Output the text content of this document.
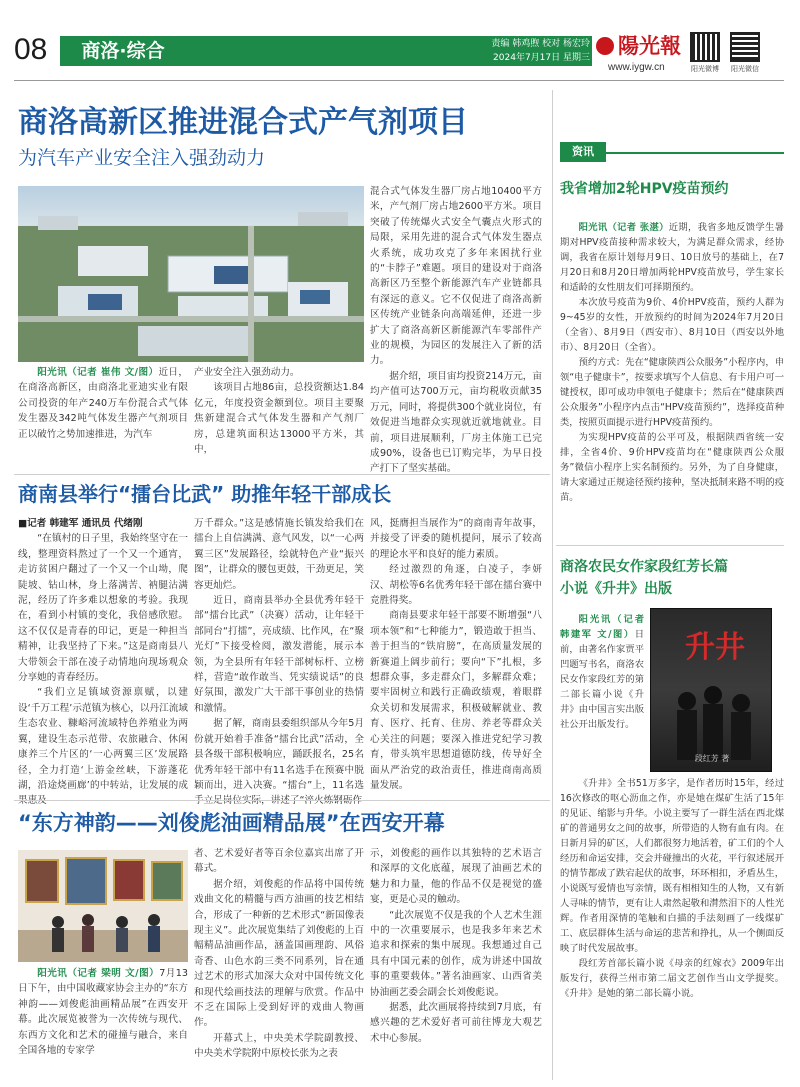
08	商洛·综合	责编 韩鸡煦 校对 杨宏玲
2024年7月17日 星期三 陽光報
www.iygw.cn	阳光微博	阳光微信
商洛高新区推进混合式产气剂项目
为汽车产业安全注入强劲动力

阳光讯（记者 崔伟 文/图）近日，在商洛高新区，由商洛北亚迪实业有限公司投资的年产240万车份混合式气体发生器及342吨气体发生器产气剂项目正以破竹之势加速推进，为汽车

产业安全注入强劲动力。

该项目占地86亩，总投资额达1.84亿元，年度投资金额到位。项目主要聚焦新建混合式气体发生器和产气剂厂房，总建筑面积达13000平方米，其中，

混合式气体发生器厂房占地10400平方米，产气剂厂房占地2600平方米。项目突破了传统爆火式安全气囊点火形式的局限，采用先进的混合式气体发生器点火系统，成功攻克了多年来困扰行业的“卡脖子”难题。项目的建设对于商洛高新区乃至整个新能源汽车产业链都具有深远的意义。它不仅促进了商洛高新区传统产业链条向高端延伸，还进一步扩大了商洛高新区新能源汽车零部件产业的规模，为园区的发展注入了新的活力。

据介绍，项目宙均投资214万元，亩均产值可达700万元，亩均税收贡献35万元，同时，将提供300个就业岗位，有效促进当地群众实现就近就地就业。目前，项目进展顺利，厂房主体施工已完成90%，设备也已订购完毕，为早日投产打下了坚实基础。

商南县举行“擂台比武” 助推年轻干部成长

■记者 韩建军 通讯员 代绪刚

“在镇村的日子里，我始终坚守在一线，整理资料熬过了一个又一个通宵，走访贫困户翻过了一个又一个山坳，爬陡坡、钻山林，身上落满苦、衲腿沾满泥，经历了许多难以想象的考验。我现在，看到小村镇的变化，我倍感欣慰。这不仅仅是青春的印记，更是一种担当精神，让我坚持了下来。”这是商南县八大带领会干部在凌子动情地向现场观众分享她的青春经历。

“我们立足镇域资源禀赋，以建设‘千万工程’示范镇为核心，以丹江流域生态农业、糠峪河流域特色养殖业为两翼，建设生态示范带、农旅融合、休闲康养三个片区的‘一心两翼三区’发展路径，全力打造‘上游金丝峡，下游蓬花湖，沿途烧画廊’的中转站，让发展的成

万千群众。”这是感情施长镇发给我们在擂台上自信满满、意气风发，以“一心两翼三区”发展路径，绘就特色产业“振兴图”，让群众的腰包更鼓，干劲更足，笑容更灿烂。

近日，商南县举办全县优秀年轻干部“擂台比武”（决赛）活动，让年轻干部同台“打擂”，亮成绩、比作风，在“聚光灯”下接受检阅，激发潜能，展示本领，为全县所有年轻干部树标杆、立榜样，营造“敢作敢当、凭实绩说话”的良好氛围，激发广大干部干事创业的热情和激情。

据了解，商南县委组织部从今年5月份就开始着手准备“擂台比武”活动，全县各级干部积极响应，踊跃报名，25名优秀年轻干部中有11名选手在预赛中脱颖而出，进入决赛。“擂台”上，11名选

风，挺膺担当展作为”的商南青年故事，并接受了评委的随机提问，展示了较高的理论水平和良好的能力素质。

经过激烈的角逐，白凌子，李妍汉、胡松等6名优秀年轻干部在擂台赛中竞胜得奖。

商南县要求年轻干部要不断增强“八项本领”和“七种能力”，锻造敢于担当、善于担当的“铁肩膀”，在高质量发展的新赛道上阔步前行；要向“下”扎根，多想群众事，多走群众门，多解群众难；要牢固树立和践行正确政绩观，着眼群众关切和发展需求，积极破解就业、教育、医疗、托育、住房、养老等群众关心关注的问题；要深入推进党纪学习教育，带头筑牢思想道德防线，传导好全面从严治党的政治责任，推进商南高质量发展。

“东方神韵——刘俊彪油画精品展”在西安开幕

阳光讯（记者 梁明 文/图）7月13日下午，由中国收藏家协会主办的“东方神韵——刘俊彪油画精品展”在西安开幕。此次展览被誉为一次传统与现代、东西方文化和艺术的碰撞与融合，来自全国各地的专家学

者、艺术爱好者等百余位嘉宾出席了开幕式。

据介绍，刘俊彪的作品将中国传统戏曲文化的精髓与西方油画的技艺相结合，形成了一种新的艺术形式“新国像表现主义”。此次展览集结了刘俊彪的上百幅精品油画作品，涵盖国画理韵、风俗奇香、山色水韵三类不同系列，旨在通过艺术的形式加深大众对中国传统文化和现代绘画技法的理解与欣赏。作品中不乏在国际上受到好评的戏曲人物画作。

开幕式上，中央美术学院副教授、中央美术学院附中原校长张为之表

示，刘俊彪的画作以其独特的艺术语言和深厚的文化底蕴，展现了油画艺术的魅力和力量，他的作品不仅是视觉的盛宴，更是心灵的触动。

“此次展览不仅是我的个人艺术生涯中的一次重要展示，也是我多年来艺术追求和探索的集中展现。我想通过自己具有中国元素的创作，成为讲述中国故事的重要载体。”著名油画家、山西省美协油画艺委会副会长刘俊彪说。

据悉，此次画展将持续到7月底，有感兴趣的艺术爱好者可前往博龙大观艺术中心参展。

资讯
我省增加2轮HPV疫苗预约

阳光讯（记者 张湛）近期，我省多地反馈学生暑期对HPV疫苗接种需求较大，为满足群众需求，经协调，我省在原计划每月9日、10日放号的基础上，在7月20日和8月20日增加两轮HPV疫苗放号，学生家长和适龄的女性朋友们可择期预约。

本次放号疫苗为9价、4价HPV疫苗，预约人群为9~45岁的女性，开放预约的时间为2024年7月20日（全省）、8月9日（西安市）、8月10日（西安以外地市）、8月20日（全省）。

预约方式：先在“健康陕西公众服务”小程序内，申领“电子健康卡”，按要求填写个人信息、有卡用户可一键授权，即可成功申领电子健康卡；然后在“健康陕西公众服务”小程序内点击“HPV疫苗预约”，选择疫苗种类，按照页面提示进行HPV疫苗预约。

为实现HPV疫苗的公平可及，根据陕西省统一安排，全省4价、9价HPV疫苗均在“健康陕西公众服务”微信小程序上实名制预约。另外，为了自身健康，请大家通过正规途径预约接种，坚决抵制来路不明的疫苗。

商洛农民女作家段红芳长篇小说《升井》出版
升井
段红芳 著

阳光讯（记者 韩建军 文/图）日前，由著名作家贾平凹题写书名，商洛农民女作家段红芳的第二部长篇小说《升井》由中国言实出版社公开出版发行。

《升井》全书51万多字，是作者历时15年，经过16次修改的呕心沥血之作，亦是她在煤矿生活了15年的见证、缩影与升华。小说主要写了一群生活在西北煤矿的普通男女之间的故事，所带造的人物有血有肉。在日新月异的矿区，人们都很努力地活着，矿工们的个人经历和命运安排，交会并碰撞出的火花，平行叙述展开的情节都成了跌宕起伏的故事，环环相扣，矛盾丛生，小说既写爱情也写亲情，既有相相知生的人物，又有新人寻味的情节，更有让人肃然起敬和潸然泪下的人性光辉。作者用深情的笔触和白描的手法刻画了一线煤矿工、底层群体生活与命运的悲苦和挣扎，从一个侧面反映了时代发展故事。

段红芳首部长篇小说《母亲的红嫁衣》2009年出版发行，获得兰州市第二届文艺创作当山文学提奖。《升井》是她的第二部长篇小说。
